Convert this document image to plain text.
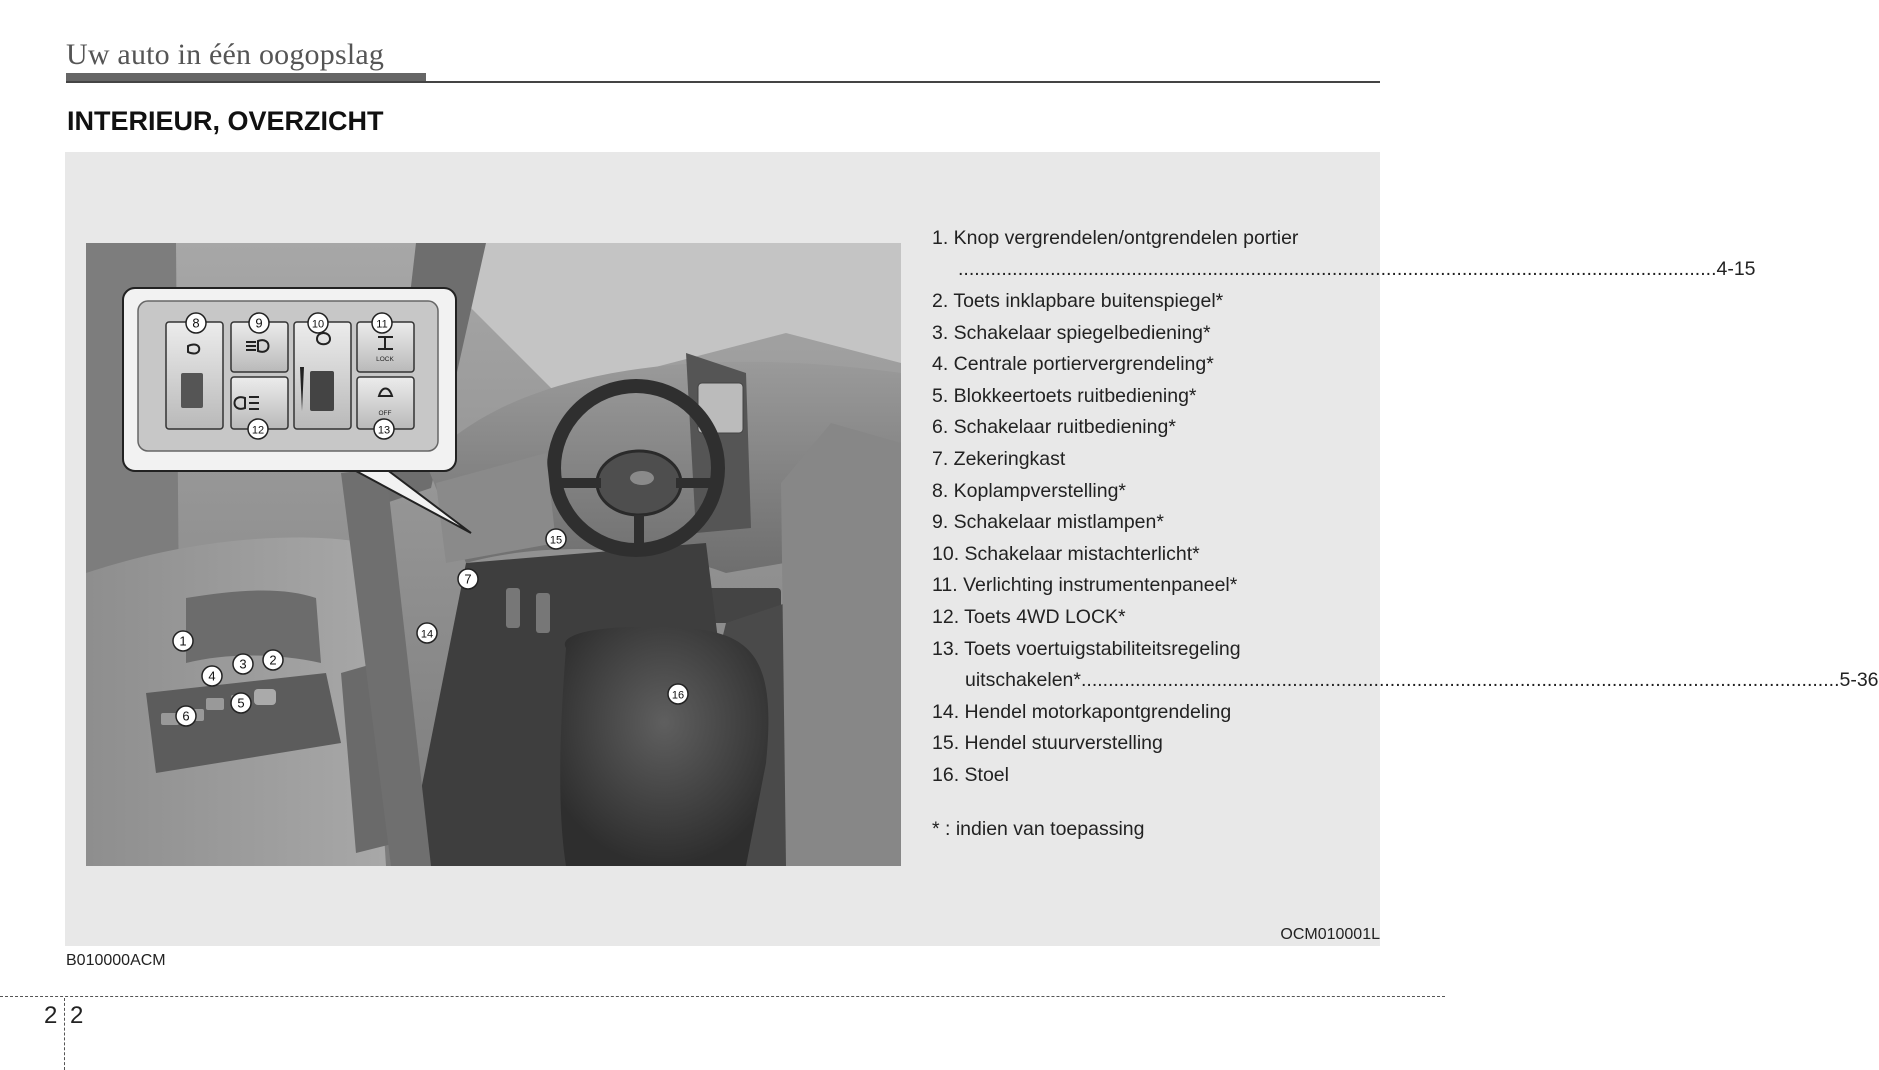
Uw auto in één oogopslag
INTERIEUR, OVERZICHT
LOCK
OFF
1
2
3
4
5
6
7
8	9	10	11
12	13
14
15
16
1. Knop vergrendelen/ontgrendelen portier
............................................................................................................................................ 4-15
2. Toets inklapbare buitenspiegel*
3. Schakelaar spiegelbediening*
4. Centrale portiervergrendeling*
5. Blokkeertoets ruitbediening*
6. Schakelaar ruitbediening*
7. Zekeringkast
8. Koplampverstelling*
9. Schakelaar mistlampen*
10. Schakelaar mistachterlicht*
11. Verlichting instrumentenpaneel*
12. Toets 4WD LOCK*
13. Toets voertuigstabiliteitsregeling
uitschakelen* ............................................................................................................................................ 5-36
14. Hendel motorkapontgrendeling
15. Hendel stuurverstelling
16. Stoel
* : indien van toepassing
OCM010001L
B010000ACM
2 2
